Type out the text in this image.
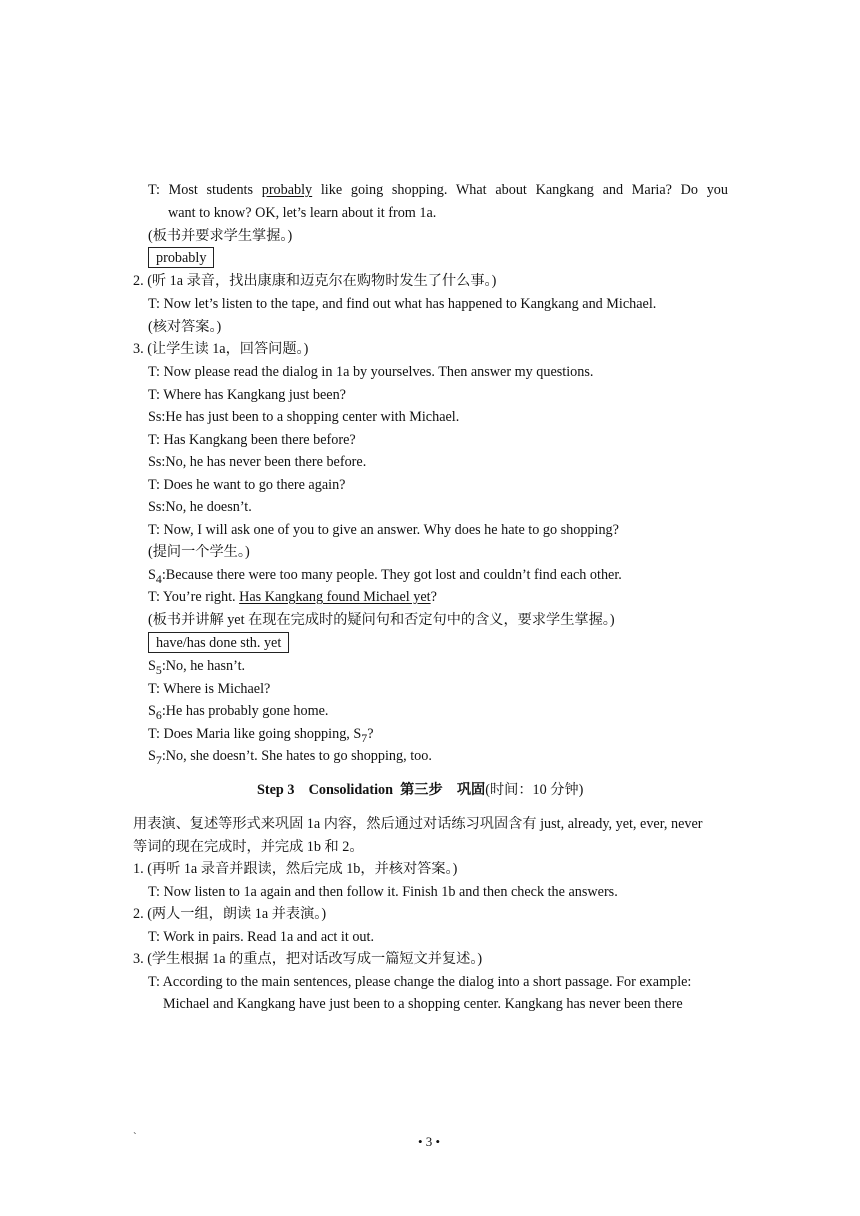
T: Most students probably like going shopping. What about Kangkang and Maria? Do you
want to know? OK, let’s learn about it from 1a.
(板书并要求学生掌握。)
probably
2. (听 1a 录音，找出康康和迈克尔在购物时发生了什么事。)
T: Now let’s listen to the tape, and find out what has happened to Kangkang and Michael.
(核对答案。)
3. (让学生读 1a，回答问题。)
T: Now please read the dialog in 1a by yourselves. Then answer my questions.
T: Where has Kangkang just been?
Ss:He has just been to a shopping center with Michael.
T: Has Kangkang been there before?
Ss:No, he has never been there before.
T: Does he want to go there again?
Ss:No, he doesn’t.
T: Now, I will ask one of you to give an answer. Why does he hate to go shopping?
(提问一个学生。)
$S_4:Because$ there were too many people. They got lost and couldn’t find each other.
T: You’re right. Has Kangkang found Michael yet?
(板书并讲解 yet 在现在完成时的疑问句和否定句中的含义，要求学生掌握。)
have/has done sth. yet
$S_5:No$, he hasn’t.
T: Where is Michael?
$S_6:He$ has probably gone home.
T: Does Maria like going shopping, $S_7$?
$S_7:No$, she doesn’t. She hates to go shopping, too.
Step 3    Consolidation  第三步    巩固(时间：10 分钟)
用表演、复述等形式来巩固 1a 内容，然后通过对话练习巩固含有 just, already, yet, ever, never
等词的现在完成时，并完成 1b 和 2。
1. (再听 1a 录音并跟读，然后完成 1b，并核对答案。)
T: Now listen to 1a again and then follow it. Finish 1b and then check the answers.
2. (两人一组，朗读 1a 并表演。)
T: Work in pairs. Read 1a and act it out.
3. (学生根据 1a 的重点，把对话改写成一篇短文并复述。)
T: According to the main sentences, please change the dialog into a short passage. For example:
Michael and Kangkang have just been to a shopping center. Kangkang has never been there
`	• 3 •
